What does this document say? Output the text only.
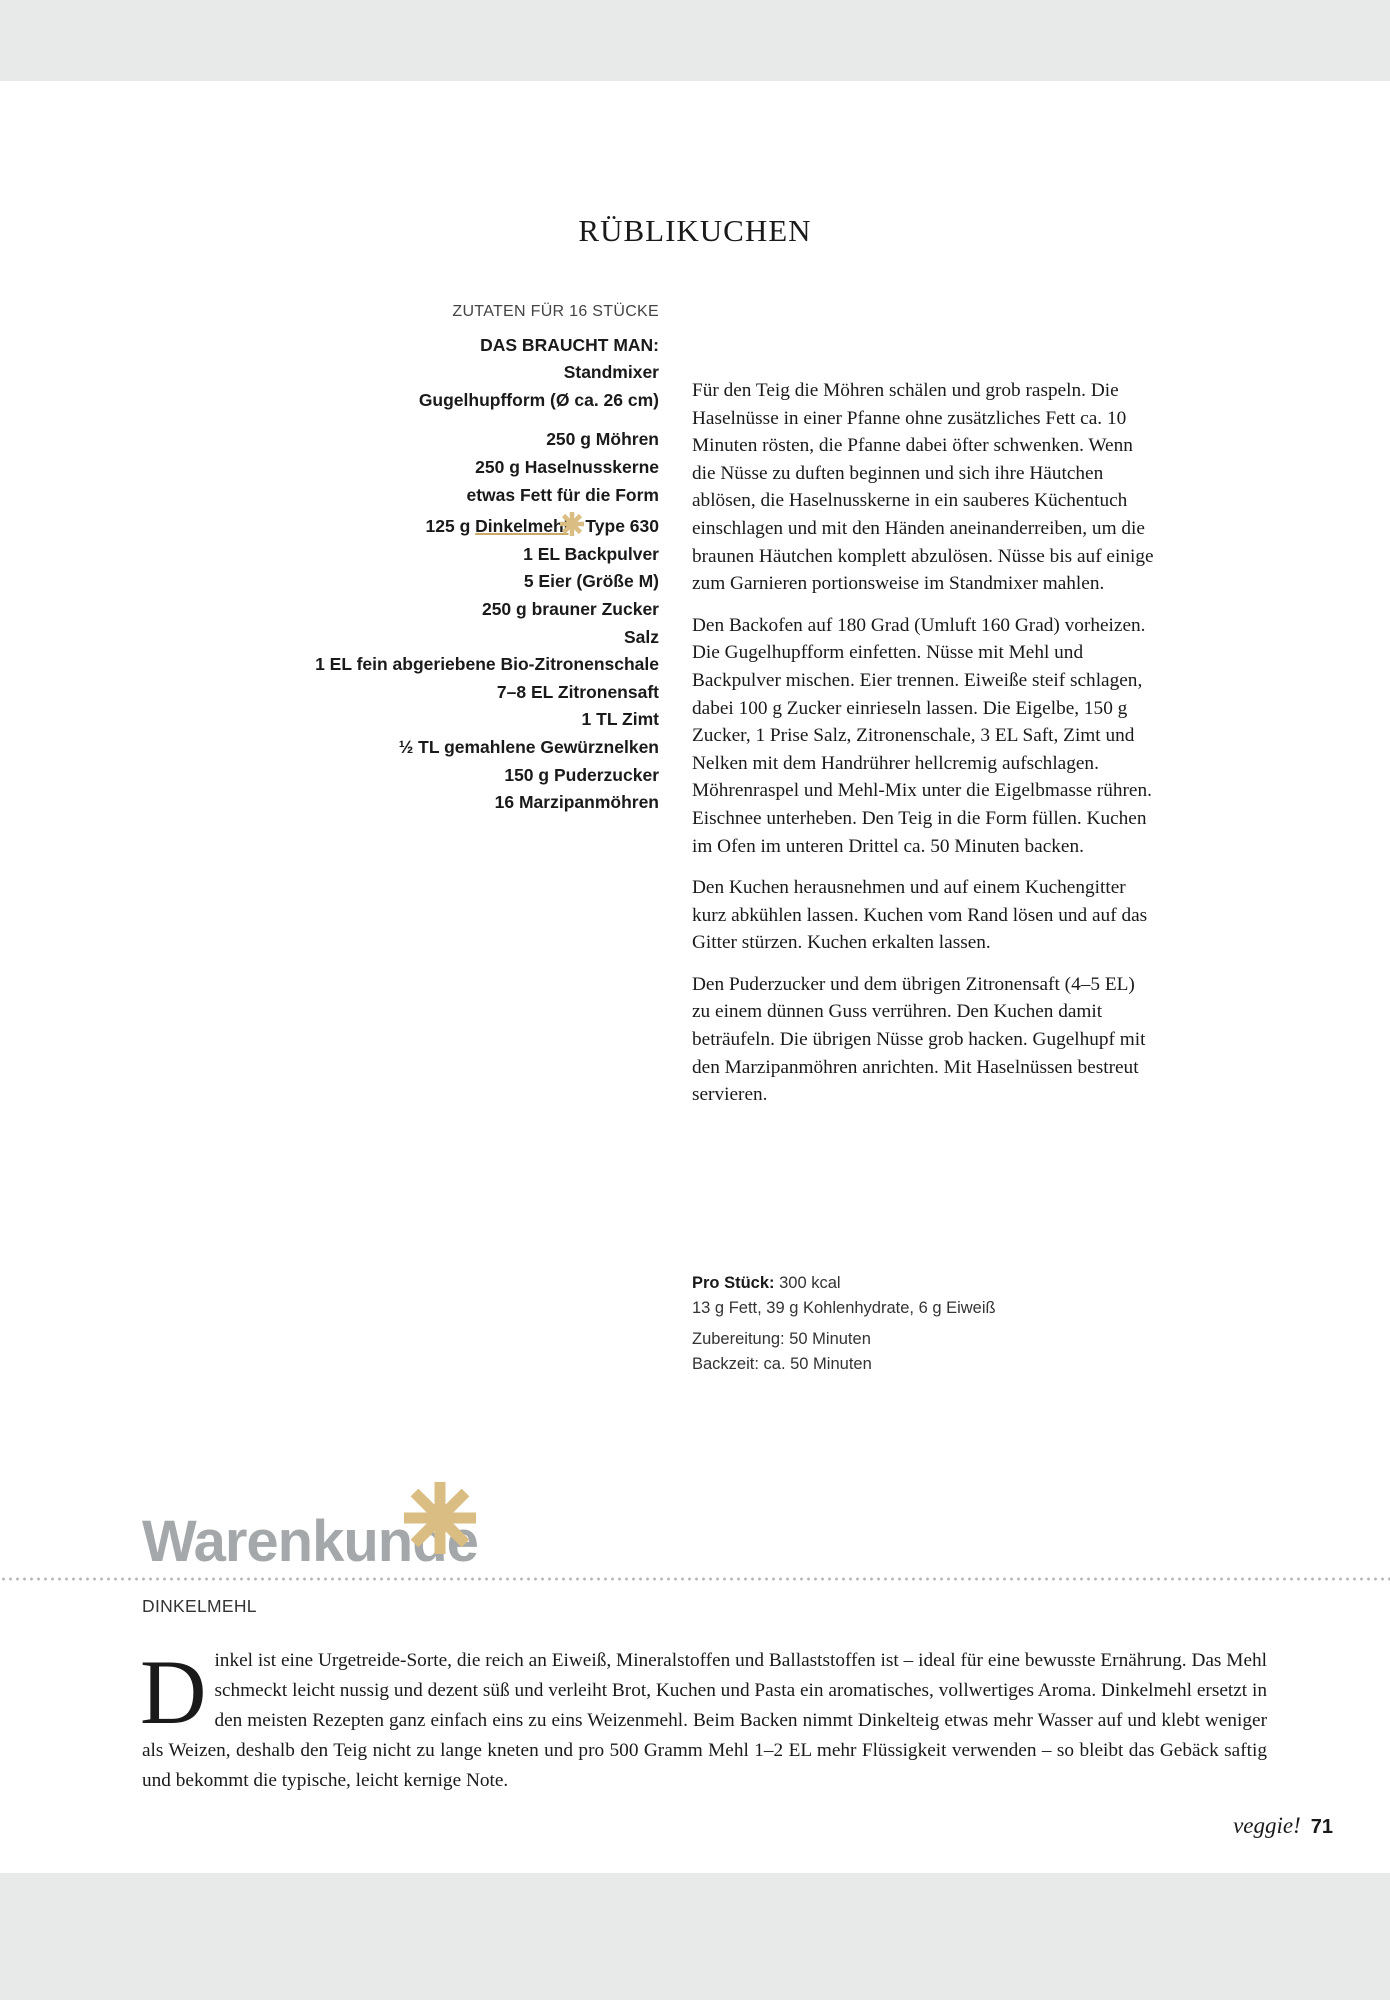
RÜBLIKUCHEN
ZUTATEN FÜR 16 STÜCKE
DAS BRAUCHT MAN:
Standmixer
Gugelhupfform (Ø ca. 26 cm)
250 g Möhren
250 g Haselnusskerne
etwas Fett für die Form
125 g Dinkelmehl Type 630
1 EL Backpulver
5 Eier (Größe M)
250 g brauner Zucker
Salz
1 EL fein abgeriebene Bio-Zitronenschale
7–8 EL Zitronensaft
1 TL Zimt
½ TL gemahlene Gewürznelken
150 g Puderzucker
16 Marzipanmöhren

Für den Teig die Möhren schälen und grob raspeln. Die Haselnüsse in einer Pfanne ohne zusätzliches Fett ca. 10 Minuten rösten, die Pfanne dabei öfter schwenken. Wenn die Nüsse zu duften beginnen und sich ihre Häutchen ablösen, die Haselnusskerne in ein sauberes Küchentuch einschlagen und mit den Händen aneinanderreiben, um die braunen Häutchen komplett abzulösen. Nüsse bis auf einige zum Garnieren portionsweise im Standmixer mahlen.

Den Backofen auf 180 Grad (Umluft 160 Grad) vorheizen. Die Gugelhupfform einfetten. Nüsse mit Mehl und Backpulver mischen. Eier trennen. Eiweiße steif schlagen, dabei 100 g Zucker einrieseln lassen. Die Eigelbe, 150 g Zucker, 1 Prise Salz, Zitronenschale, 3 EL Saft, Zimt und Nelken mit dem Handrührer hellcremig aufschlagen. Möhrenraspel und Mehl-Mix unter die Eigelbmasse rühren. Eischnee unterheben. Den Teig in die Form füllen. Kuchen im Ofen im unteren Drittel ca. 50 Minuten backen.

Den Kuchen herausnehmen und auf einem Kuchengitter kurz abkühlen lassen. Kuchen vom Rand lösen und auf das Gitter stürzen. Kuchen erkalten lassen.

Den Puderzucker und dem übrigen Zitronensaft (4–5 EL) zu einem dünnen Guss verrühren. Den Kuchen damit beträufeln. Die übrigen Nüsse grob hacken. Gugelhupf mit den Marzipanmöhren anrichten. Mit Haselnüssen bestreut servieren.

Pro Stück: 300 kcal
13 g Fett, 39 g Kohlenhydrate, 6 g Eiweiß
Zubereitung: 50 Minuten
Backzeit: ca. 50 Minuten
Warenkunde
DINKELMEHL
D inkel ist eine Urgetreide-Sorte, die reich an Eiweiß, Mineralstoffen und Ballaststoffen ist – ideal für eine bewusste Ernährung. Das Mehl schmeckt leicht nussig und dezent süß und verleiht Brot, Kuchen und Pasta ein aromatisches, vollwertiges Aroma. Dinkelmehl ersetzt in den meisten Rezepten ganz einfach eins zu eins Weizenmehl. Beim Backen nimmt Dinkelteig etwas mehr Wasser auf und klebt weniger als Weizen, deshalb den Teig nicht zu lange kneten und pro 500 Gramm Mehl 1–2 EL mehr Flüssigkeit verwenden – so bleibt das Gebäck saftig und bekommt die typische, leicht kernige Note.
veggie! 71
